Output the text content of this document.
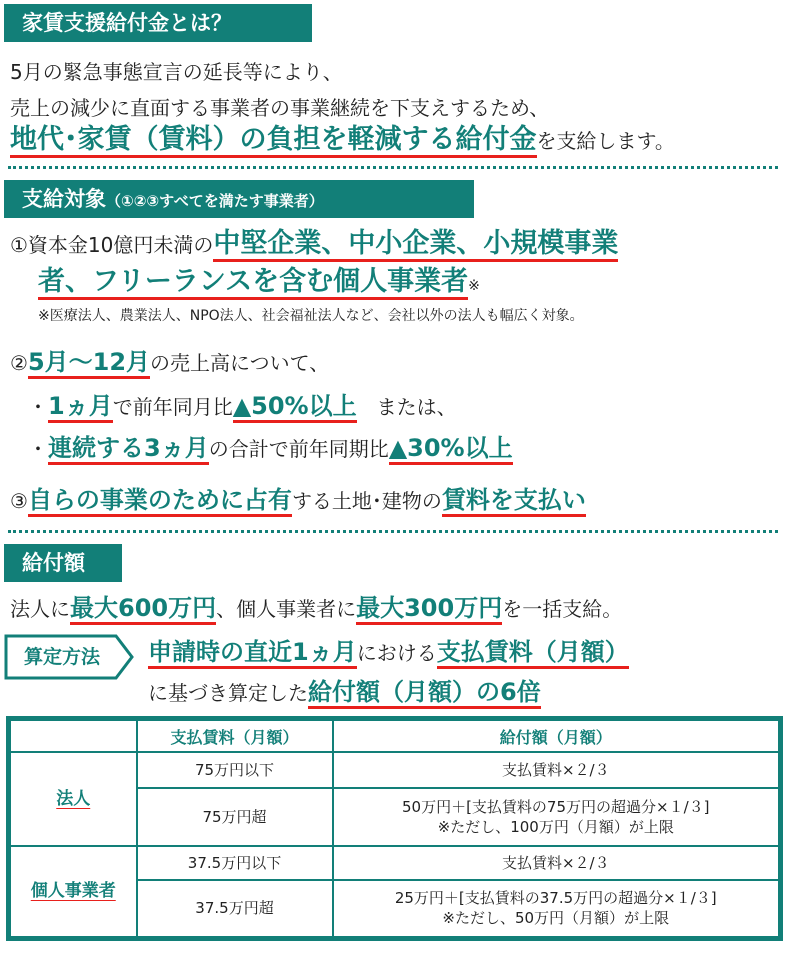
家賃支援給付金とは？
5月の緊急事態宣言の延長等により、
売上の減少に直面する事業者の事業継続を下支えするため、
地代･家賃（賃料）の負担を軽減する給付金を支給します。
支給対象（①②③すべてを満たす事業者）
①資本金10億円未満の中堅企業、中小企業、小規模事業
者、フリーランスを含む個人事業者※
※医療法人、農業法人、NPO法人、社会福祉法人など、会社以外の法人も幅広く対象。
②5月～12月の売上高について、
・1ヵ月で前年同月比▲50%以上　または、
・連続する3ヵ月の合計で前年同期比▲30%以上
③自らの事業のために占有する土地･建物の賃料を支払い
給付額
法人に最大600万円、個人事業者に最大300万円を一括支給。
算定方法	申請時の直近1ヵ月における支払賃料（月額）
に基づき算定した給付額（月額）の6倍
	支払賃料（月額）	給付額（月額）
法人	75万円以下	支払賃料×２/３
	75万円超	50万円＋[支払賃料の75万円の超過分×１/３]
※ただし、100万円（月額）が上限

個人事業者	37.5万円以下	支払賃料×２/３
	37.5万円超	25万円＋[支払賃料の37.5万円の超過分×１/３]
※ただし、50万円（月額）が上限
